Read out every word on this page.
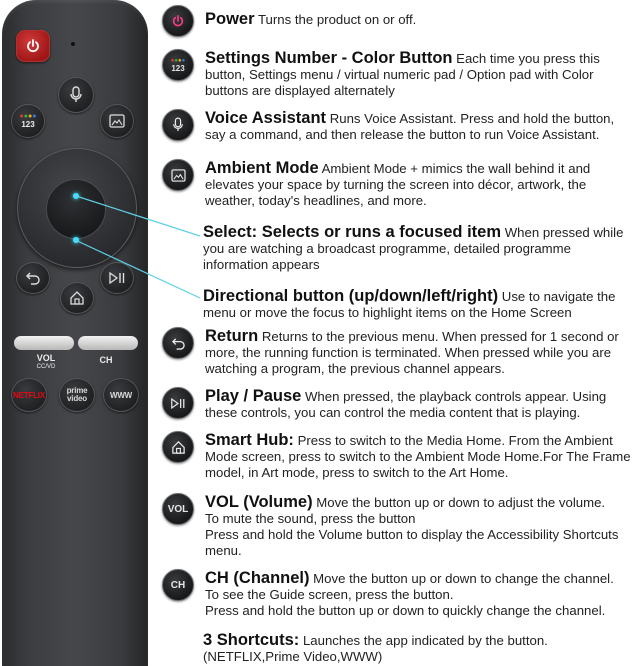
●●●●
123
VOL
CC/VD
CH
NETFLIX	prime video	WWW
Power Turns the product on or off.
●●●●
123
Settings Number - Color Button Each time you press this button, Settings menu / virtual numeric pad / Option pad with Color buttons are displayed alternately
Voice Assistant Runs Voice Assistant. Press and hold the button, say a command, and then release the button to run Voice Assistant.
Ambient Mode Ambient Mode + mimics the wall behind it and elevates your space by turning the screen into décor, artwork, the weather, today's headlines, and more.
Select: Selects or runs a focused item When pressed while you are watching a broadcast programme, detailed programme information appears
Directional button (up/down/left/right) Use to navigate the menu or move the focus to highlight items on the Home Screen
Return Returns to the previous menu. When pressed for 1 second or more, the running function is terminated. When pressed while you are watching a program, the previous channel appears.
Play / Pause When pressed, the playback controls appear. Using these controls, you can control the media content that is playing.
Smart Hub: Press to switch to the Media Home. From the Ambient Mode screen, press to switch to the Ambient Mode Home.For The Frame model, in Art mode, press to switch to the Art Home.
VOL	VOL (Volume) Move the button up or down to adjust the volume.
To mute the sound, press the button
Press and hold the Volume button to display the Accessibility Shortcuts menu.
CH	CH (Channel) Move the button up or down to change the channel.
To see the Guide screen, press the button.
Press and hold the button up or down to quickly change the channel.
3 Shortcuts: Launches the app indicated by the button.
(NETFLIX,Prime Video,WWW)
